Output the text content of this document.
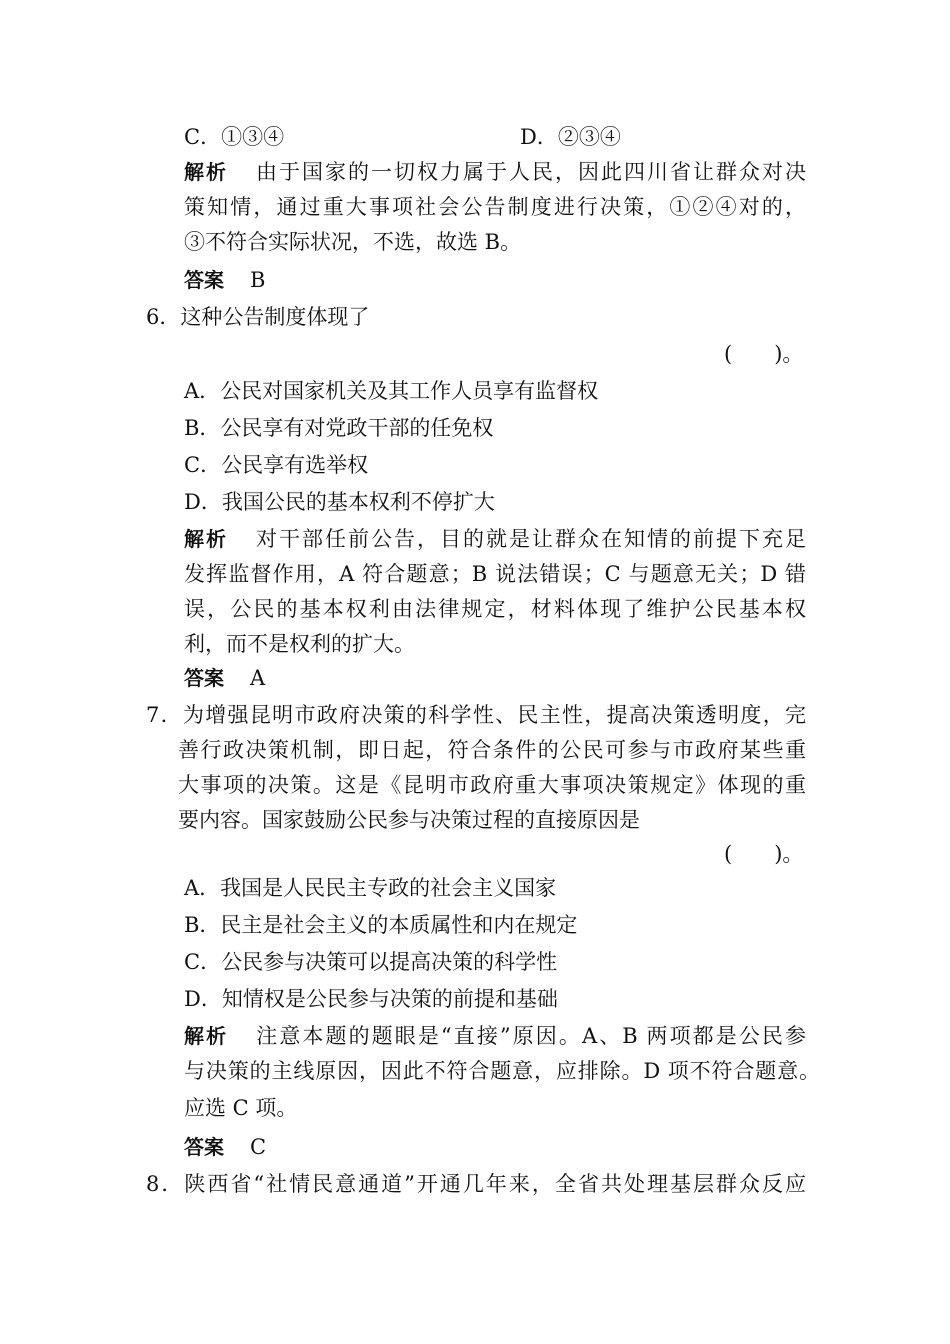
C．①③④	D．②③④
解析 由于国家的一切权力属于人民，因此四川省让群众对决
策知情，通过重大事项社会公告制度进行决策，①②④对的，
③不符合实际状况，不选，故选 B。
答案 B
6．这种公告制度体现了
(　　)。
A．公民对国家机关及其工作人员享有监督权
B．公民享有对党政干部的任免权
C．公民享有选举权
D．我国公民的基本权利不停扩大
解析 对干部任前公告，目的就是让群众在知情的前提下充足
发挥监督作用，A 符合题意；B 说法错误；C 与题意无关；D 错
误，公民的基本权利由法律规定，材料体现了维护公民基本权
利，而不是权利的扩大。
答案 A
7．为增强昆明市政府决策的科学性、民主性，提高决策透明度，完
善行政决策机制，即日起，符合条件的公民可参与市政府某些重
大事项的决策。这是《昆明市政府重大事项决策规定》体现的重
要内容。国家鼓励公民参与决策过程的直接原因是
(　　)。
A．我国是人民民主专政的社会主义国家
B．民主是社会主义的本质属性和内在规定
C．公民参与决策可以提高决策的科学性
D．知情权是公民参与决策的前提和基础
解析 注意本题的题眼是“直接”原因。A、B 两项都是公民参
与决策的主线原因，因此不符合题意，应排除。D 项不符合题意。
应选 C 项。
答案 C
8．陕西省“社情民意通道”开通几年来，全省共处理基层群众反应
